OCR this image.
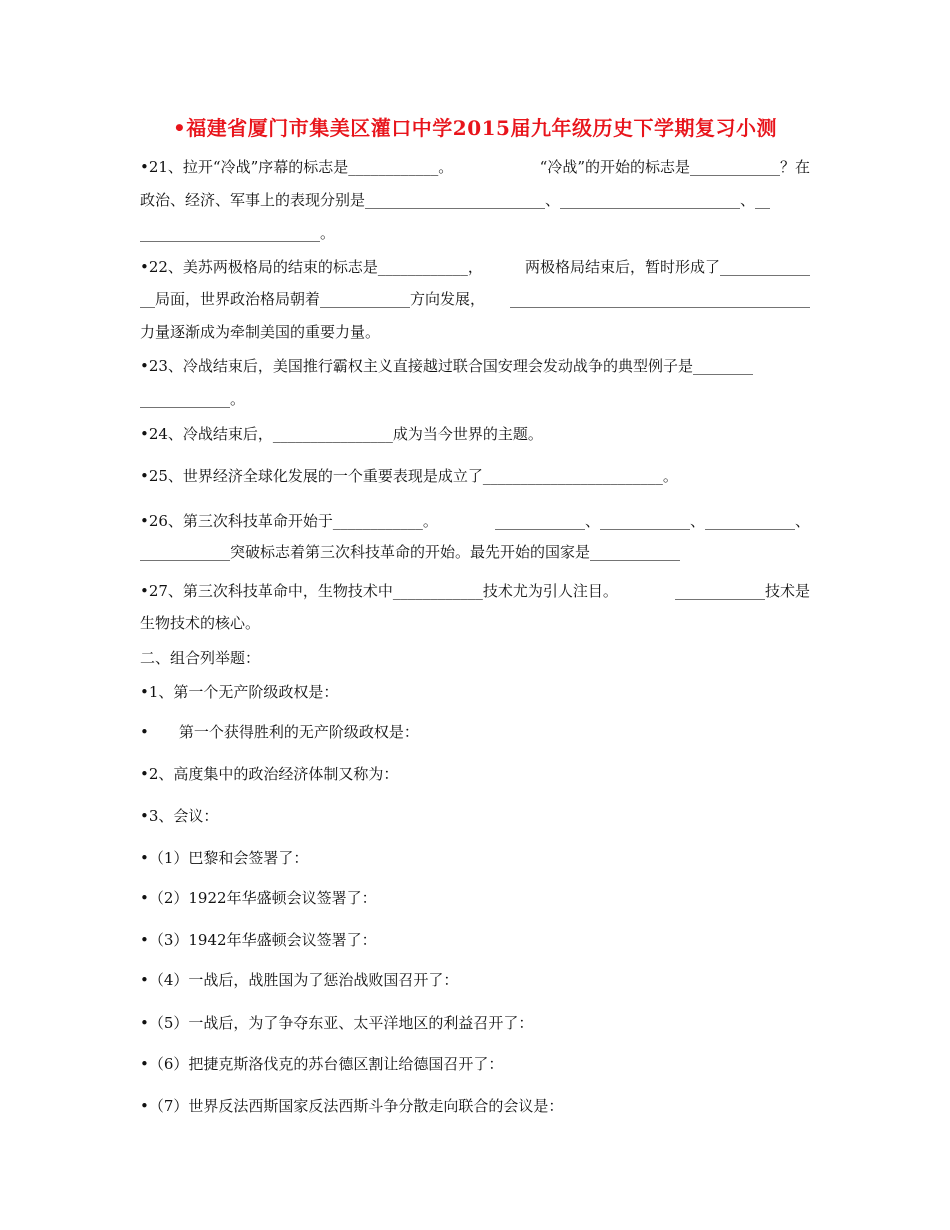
•福建省厦门市集美区灌口中学2015届九年级历史下学期复习小测
•21、拉开“冷战”序幕的标志是____________。	“冷战”的开始的标志是____________？在
政治、经济、军事上的表现分别是________________________、________________________、__
________________________。
•22、美苏两极格局的结束的标志是____________，	两极格局结束后，暂时形成了____________
__局面，世界政治格局朝着____________方向发展， ________________________________________
力量逐渐成为牵制美国的重要力量。
•23、冷战结束后，美国推行霸权主义直接越过联合国安理会发动战争的典型例子是________
____________。
•24、冷战结束后，________________成为当今世界的主题。
•25、世界经济全球化发展的一个重要表现是成立了________________________。
•26、第三次科技革命开始于____________。	____________、____________、____________、
____________突破标志着第三次科技革命的开始。最先开始的国家是____________
•27、第三次科技革命中，生物技术中____________技术尤为引人注目。	____________技术是
生物技术的核心。
二、组合列举题：
•1、第一个无产阶级政权是：
•　　第一个获得胜利的无产阶级政权是：
•2、高度集中的政治经济体制又称为：
•3、会议：
•（1）巴黎和会签署了：
•（2）1922年华盛顿会议签署了：
•（3）1942年华盛顿会议签署了：
•（4）一战后，战胜国为了惩治战败国召开了：
•（5）一战后，为了争夺东亚、太平洋地区的利益召开了：
•（6）把捷克斯洛伐克的苏台德区割让给德国召开了：
•（7）世界反法西斯国家反法西斯斗争分散走向联合的会议是：
